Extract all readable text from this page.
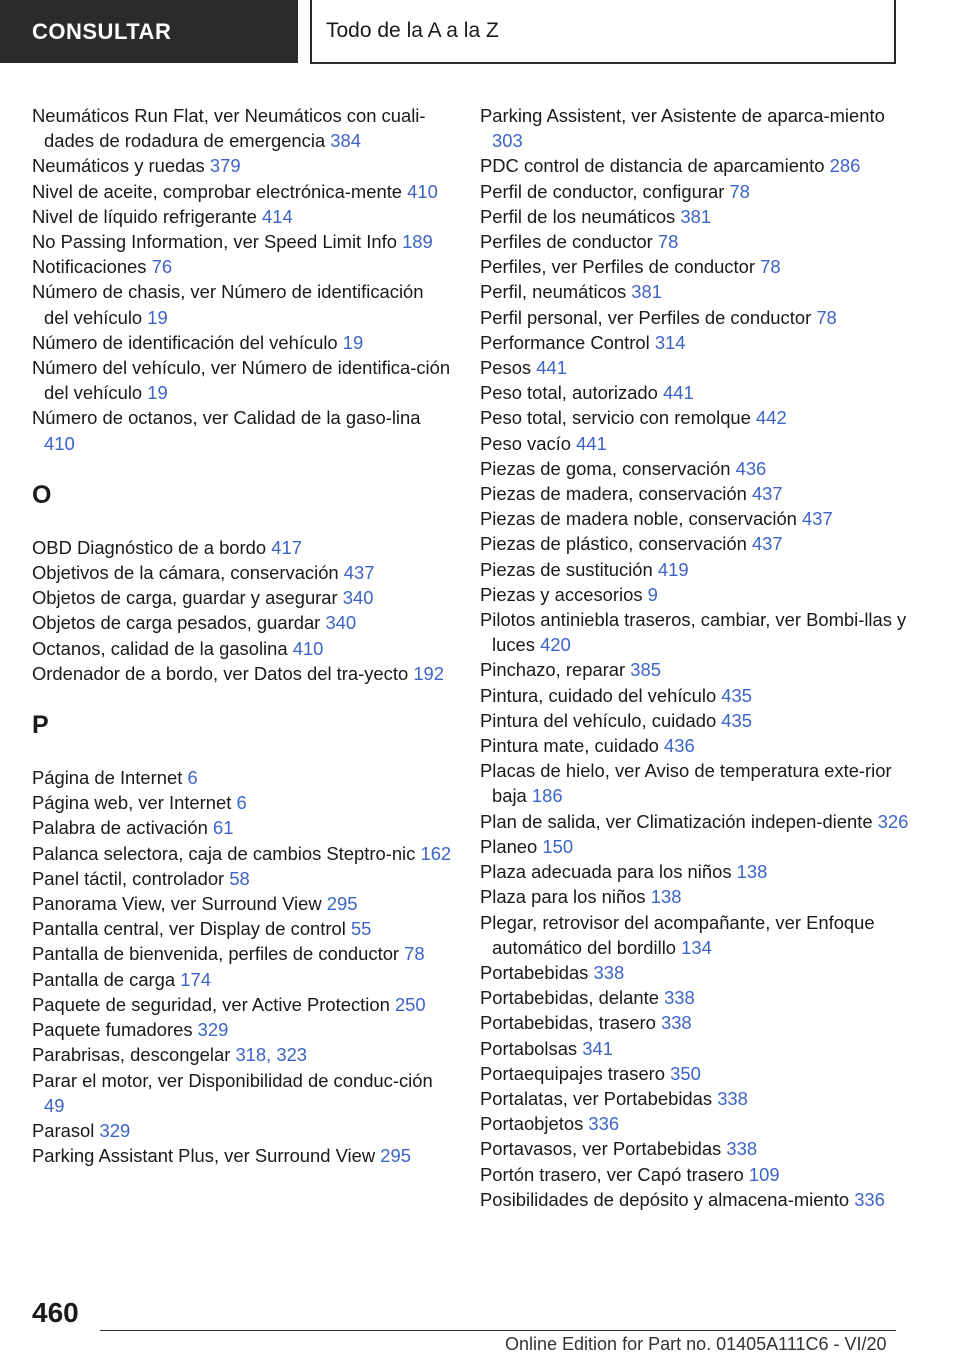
CONSULTAR	Todo de la A a la Z
Neumáticos Run Flat, ver Neumáticos con cuali-dades de rodadura de emergencia 384
Neumáticos y ruedas 379
Nivel de aceite, comprobar electrónica-mente 410
Nivel de líquido refrigerante 414
No Passing Information, ver Speed Limit Info 189
Notificaciones 76
Número de chasis, ver Número de identificación del vehículo 19
Número de identificación del vehículo 19
Número del vehículo, ver Número de identifica-ción del vehículo 19
Número de octanos, ver Calidad de la gaso-lina 410
O
OBD Diagnóstico de a bordo 417
Objetivos de la cámara, conservación 437
Objetos de carga, guardar y asegurar 340
Objetos de carga pesados, guardar 340
Octanos, calidad de la gasolina 410
Ordenador de a bordo, ver Datos del tra-yecto 192
P
Página de Internet 6
Página web, ver Internet 6
Palabra de activación 61
Palanca selectora, caja de cambios Steptro-nic 162
Panel táctil, controlador 58
Panorama View, ver Surround View 295
Pantalla central, ver Display de control 55
Pantalla de bienvenida, perfiles de conductor 78
Pantalla de carga 174
Paquete de seguridad, ver Active Protection 250
Paquete fumadores 329
Parabrisas, descongelar 318, 323
Parar el motor, ver Disponibilidad de conduc-ción 49
Parasol 329
Parking Assistant Plus, ver Surround View 295
Parking Assistent, ver Asistente de aparca-miento 303
PDC control de distancia de aparcamiento 286
Perfil de conductor, configurar 78
Perfil de los neumáticos 381
Perfiles de conductor 78
Perfiles, ver Perfiles de conductor 78
Perfil, neumáticos 381
Perfil personal, ver Perfiles de conductor 78
Performance Control 314
Pesos 441
Peso total, autorizado 441
Peso total, servicio con remolque 442
Peso vacío 441
Piezas de goma, conservación 436
Piezas de madera, conservación 437
Piezas de madera noble, conservación 437
Piezas de plástico, conservación 437
Piezas de sustitución 419
Piezas y accesorios 9
Pilotos antiniebla traseros, cambiar, ver Bombi-llas y luces 420
Pinchazo, reparar 385
Pintura, cuidado del vehículo 435
Pintura del vehículo, cuidado 435
Pintura mate, cuidado 436
Placas de hielo, ver Aviso de temperatura exte-rior baja 186
Plan de salida, ver Climatización indepen-diente 326
Planeo 150
Plaza adecuada para los niños 138
Plaza para los niños 138
Plegar, retrovisor del acompañante, ver Enfoque automático del bordillo 134
Portabebidas 338
Portabebidas, delante 338
Portabebidas, trasero 338
Portabolsas 341
Portaequipajes trasero 350
Portalatas, ver Portabebidas 338
Portaobjetos 336
Portavasos, ver Portabebidas 338
Portón trasero, ver Capó trasero 109
Posibilidades de depósito y almacena-miento 336
460
Online Edition for Part no. 01405A111C6 - VI/20
